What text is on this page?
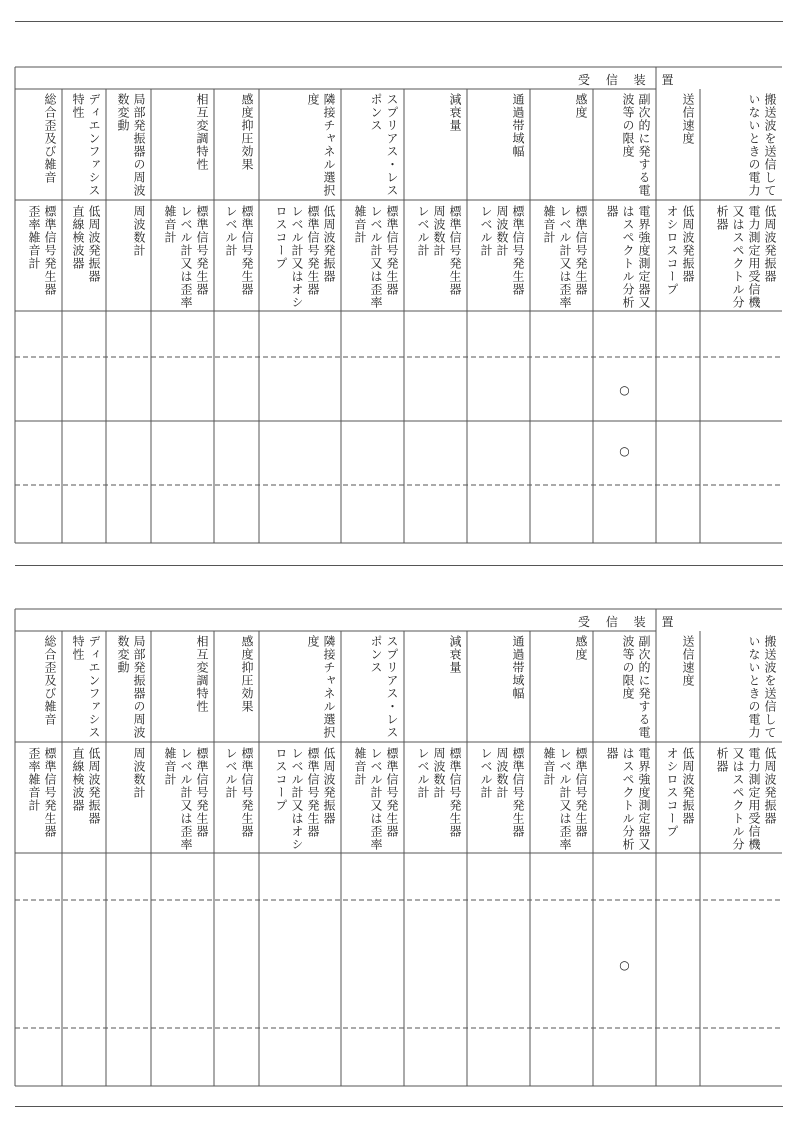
受 信 装 置
搬送波を送信して
いないときの電力
低周波発振器
電力測定用受信機
又はスペクトル分
析器
送信速度
低周波発振器
オシロスコープ
副次的に発する電
波等の限度
電界強度測定器又
はスペクトル分析
器
感度
標準信号発生器
レベル計又は歪率
雑音計
通過帯域幅
標準信号発生器
周波数計
レベル計
減衰量
標準信号発生器
周波数計
レベル計
スプリアス・レス
ポンス
標準信号発生器
レベル計又は歪率
雑音計
隣接チャネル選択
度
低周波発振器
標準信号発生器
レベル計又はオシ
ロスコープ
感度抑圧効果
標準信号発生器
レベル計
相互変調特性
標準信号発生器
レベル計又は歪率
雑音計
局部発振器の周波
数変動
周波数計
ディエンファシス
特性
低周波発振器
直線検波器
総合歪及び雑音
標準信号発生器
歪率雑音計
○
○
受 信 装 置
搬送波を送信して
いないときの電力
低周波発振器
電力測定用受信機
又はスペクトル分
析器
送信速度
低周波発振器
オシロスコープ
副次的に発する電
波等の限度
電界強度測定器又
はスペクトル分析
器
感度
標準信号発生器
レベル計又は歪率
雑音計
通過帯域幅
標準信号発生器
周波数計
レベル計
減衰量
標準信号発生器
周波数計
レベル計
スプリアス・レス
ポンス
標準信号発生器
レベル計又は歪率
雑音計
隣接チャネル選択
度
低周波発振器
標準信号発生器
レベル計又はオシ
ロスコープ
感度抑圧効果
標準信号発生器
レベル計
相互変調特性
標準信号発生器
レベル計又は歪率
雑音計
局部発振器の周波
数変動
周波数計
ディエンファシス
特性
低周波発振器
直線検波器
総合歪及び雑音
標準信号発生器
歪率雑音計
○
